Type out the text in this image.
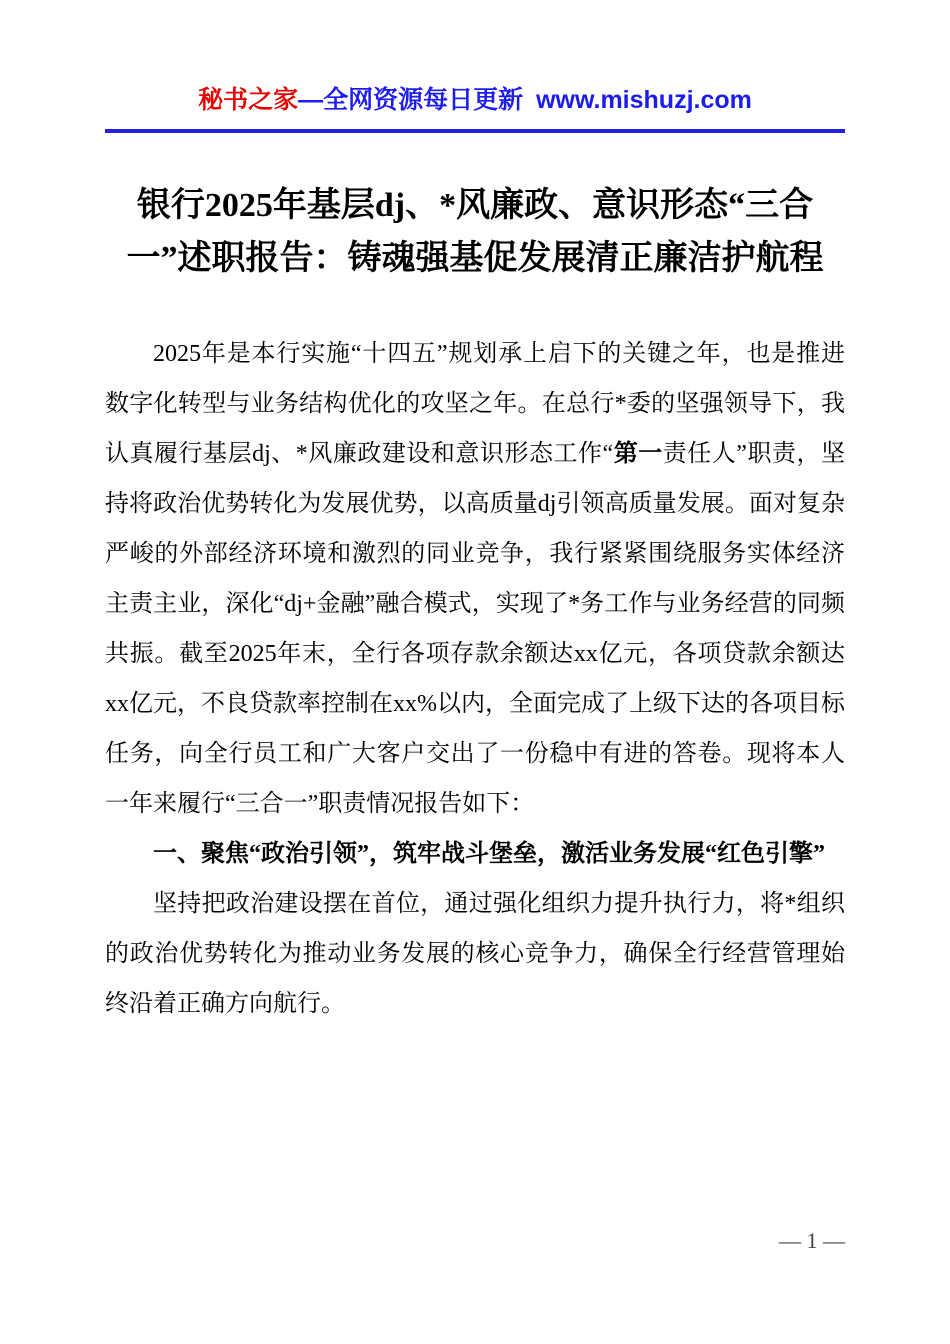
秘书之家—全网资源每日更新 www.mishuzj.com
银行2025年基层dj、*风廉政、意识形态“三合一”述职报告：铸魂强基促发展清正廉洁护航程

2025年是本行实施“十四五”规划承上启下的关键之年，也是推进数字化转型与业务结构优化的攻坚之年。在总行*委的坚强领导下，我认真履行基层dj、*风廉政建设和意识形态工作“第一责任人”职责，坚持将政治优势转化为发展优势，以高质量dj引领高质量发展。面对复杂严峻的外部经济环境和激烈的同业竞争，我行紧紧围绕服务实体经济主责主业，深化“dj+金融”融合模式，实现了*务工作与业务经营的同频共振。截至2025年末，全行各项存款余额达xx亿元，各项贷款余额达xx亿元，不良贷款率控制在xx%以内，全面完成了上级下达的各项目标任务，向全行员工和广大客户交出了一份稳中有进的答卷。现将本人一年来履行“三合一”职责情况报告如下：

一、聚焦“政治引领”，筑牢战斗堡垒，激活业务发展“红色引擎”

坚持把政治建设摆在首位，通过强化组织力提升执行力，将*组织的政治优势转化为推动业务发展的核心竞争力，确保全行经营管理始终沿着正确方向航行。

— 1 —
